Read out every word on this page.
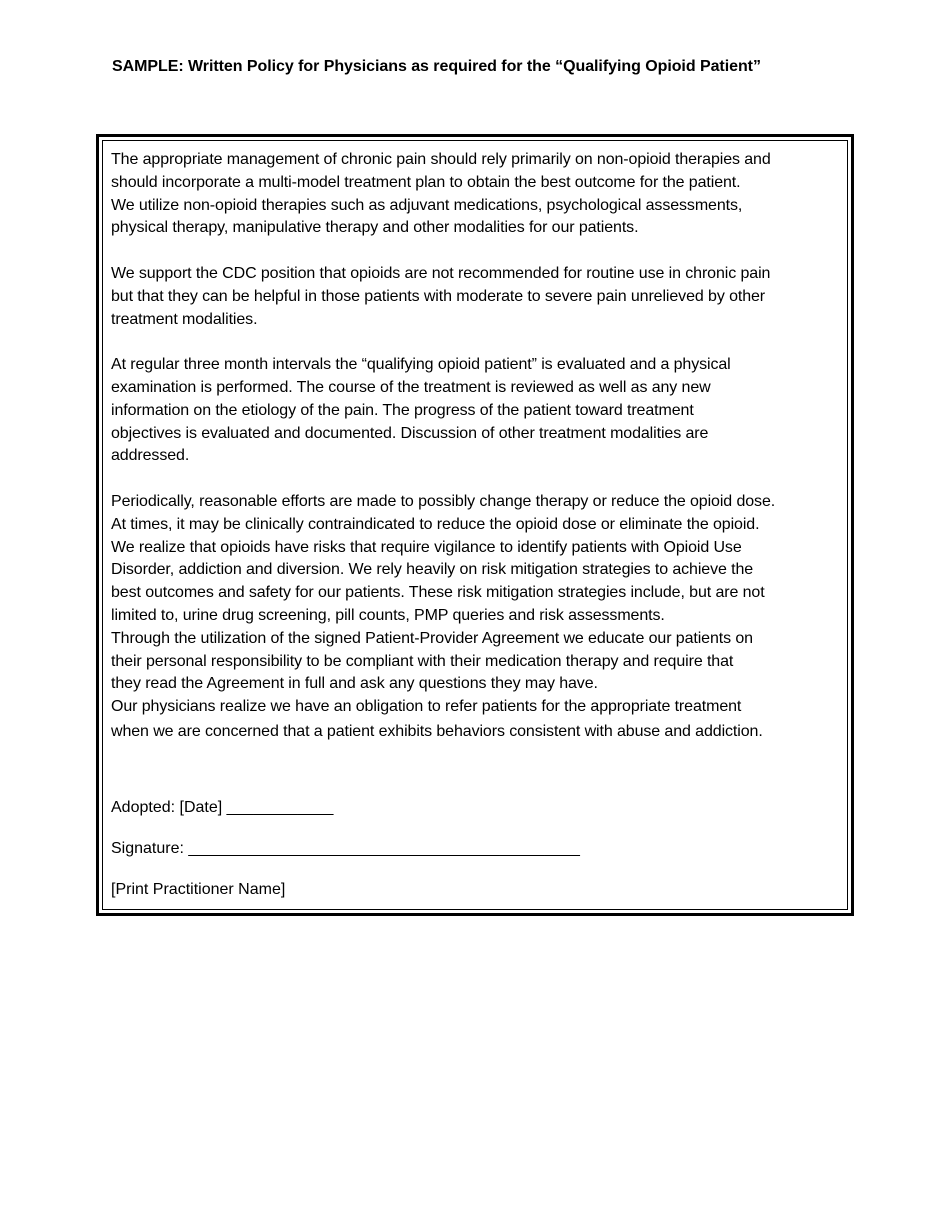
SAMPLE: Written Policy for Physicians as required for the “Qualifying Opioid Patient”

The appropriate management of chronic pain should rely primarily on non-opioid therapies and
should incorporate a multi-model treatment plan to obtain the best outcome for the patient.
We utilize non-opioid therapies such as adjuvant medications, psychological assessments,
physical therapy, manipulative therapy and other modalities for our patients.

We support the CDC position that opioids are not recommended for routine use in chronic pain
but that they can be helpful in those patients with moderate to severe pain unrelieved by other
treatment modalities.

At regular three month intervals the “qualifying opioid patient” is evaluated and a physical
examination is performed. The course of the treatment is reviewed as well as any new
information on the etiology of the pain. The progress of the patient toward treatment
objectives is evaluated and documented. Discussion of other treatment modalities are
addressed.

Periodically, reasonable efforts are made to possibly change therapy or reduce the opioid dose.
At times, it may be clinically contraindicated to reduce the opioid dose or eliminate the opioid.
We realize that opioids have risks that require vigilance to identify patients with Opioid Use
Disorder, addiction and diversion. We rely heavily on risk mitigation strategies to achieve the
best outcomes and safety for our patients. These risk mitigation strategies include, but are not
limited to, urine drug screening, pill counts, PMP queries and risk assessments.
Through the utilization of the signed Patient-Provider Agreement we educate our patients on
their personal responsibility to be compliant with their medication therapy and require that
they read the Agreement in full and ask any questions they may have.
Our physicians realize we have an obligation to refer patients for the appropriate treatment
when we are concerned that a patient exhibits behaviors consistent with abuse and addiction.

Adopted: [Date] ____________
Signature: ____________________________________________
[Print Practitioner Name]
